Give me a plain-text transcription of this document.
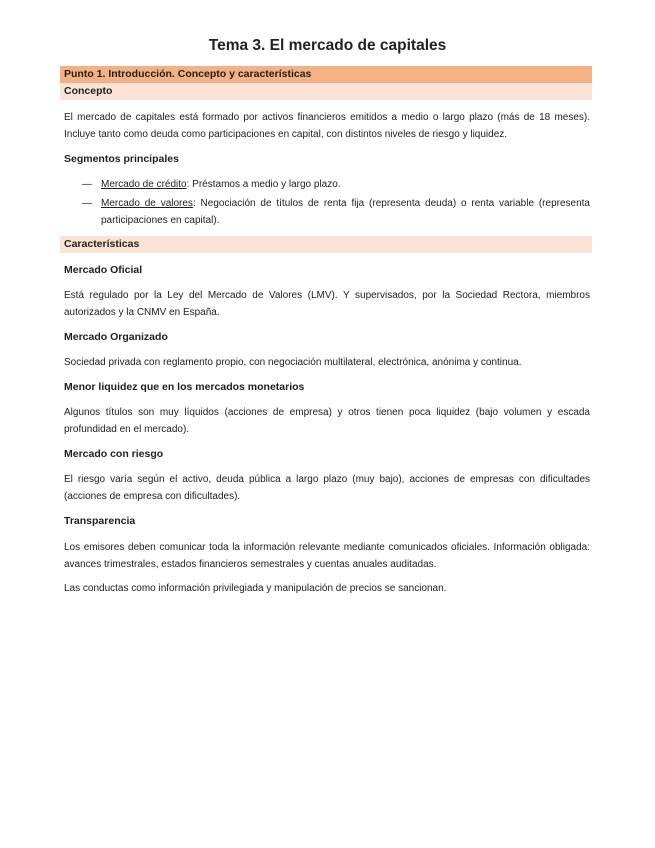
Tema 3. El mercado de capitales
Punto 1. Introducción. Concepto y características
Concepto
El mercado de capitales está formado por activos financieros emitidos a medio o largo plazo (más de 18 meses). Incluye tanto como deuda como participaciones en capital, con distintos niveles de riesgo y liquidez.
Segmentos principales
— Mercado de crédito: Préstamos a medio y largo plazo.
— Mercado de valores: Negociación de títulos de renta fija (representa deuda) o renta variable (representa participaciones en capital).
Características
Mercado Oficial
Está regulado por la Ley del Mercado de Valores (LMV). Y supervisados, por la Sociedad Rectora, miembros autorizados y la CNMV en España.
Mercado Organizado
Sociedad privada con reglamento propio, con negociación multilateral, electrónica, anónima y continua.
Menor liquidez que en los mercados monetarios
Algunos títulos son muy líquidos (acciones de empresa) y otros tienen poca liquidez (bajo volumen y escada profundidad en el mercado).
Mercado con riesgo
El riesgo varía según el activo, deuda pública a largo plazo (muy bajo), acciones de empresas con dificultades (acciones de empresa con dificultades).
Transparencia
Los emisores deben comunicar toda la información relevante mediante comunicados oficiales. Información obligada: avances trimestrales, estados financieros semestrales y cuentas anuales auditadas.
Las conductas como información privilegiada y manipulación de precios se sancionan.
